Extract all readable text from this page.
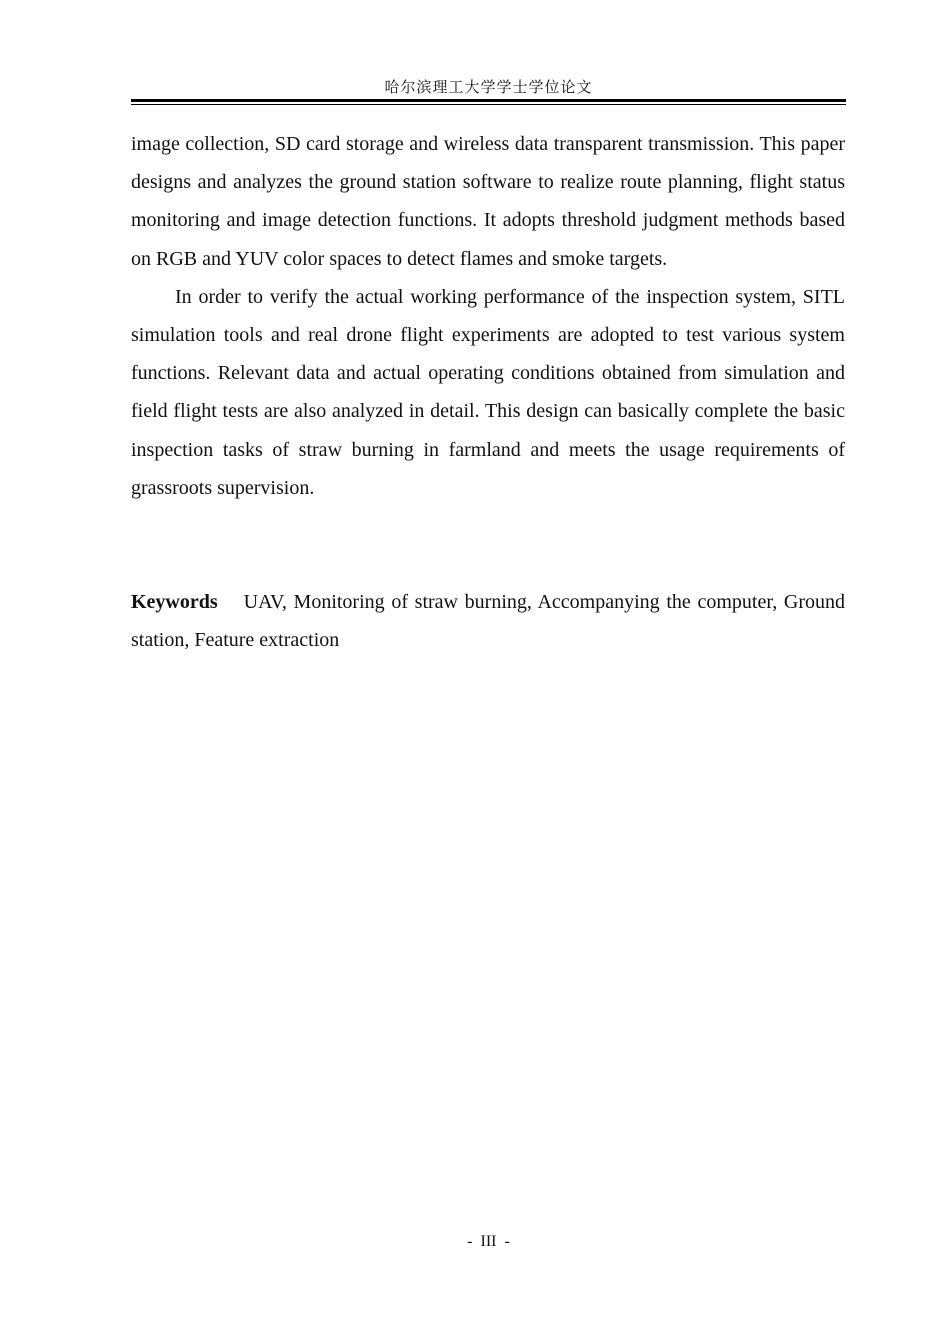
哈尔滨理工大学学士学位论文

image collection, SD card storage and wireless data transparent transmission. This paper designs and analyzes the ground station software to realize route planning, flight status monitoring and image detection functions. It adopts threshold judgment methods based on RGB and YUV color spaces to detect flames and smoke targets.

In order to verify the actual working performance of the inspection system, SITL simulation tools and real drone flight experiments are adopted to test various system functions. Relevant data and actual operating conditions obtained from simulation and field flight tests are also analyzed in detail. This design can basically complete the basic inspection tasks of straw burning in farmland and meets the usage requirements of grassroots supervision.

Keywords UAV, Monitoring of straw burning, Accompanying the computer, Ground station, Feature extraction
-  III  -
